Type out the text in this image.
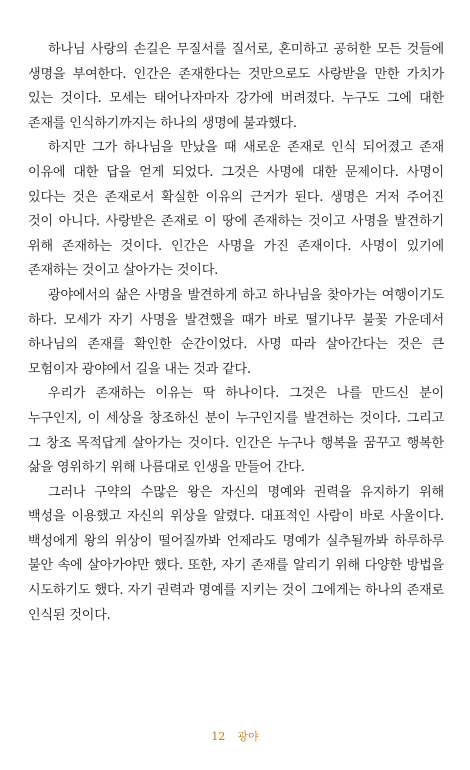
하나님 사랑의 손길은 무질서를 질서로, 혼미하고 공허한 모든 것들에 생명을 부여한다. 인간은 존재한다는 것만으로도 사랑받을 만한 가치가 있는 것이다. 모세는 태어나자마자 강가에 버려졌다. 누구도 그에 대한 존재를 인식하기까지는 하나의 생명에 불과했다.

하지만 그가 하나님을 만났을 때 새로운 존재로 인식 되어졌고 존재 이유에 대한 답을 얻게 되었다. 그것은 사명에 대한 문제이다. 사명이 있다는 것은 존재로서 확실한 이유의 근거가 된다. 생명은 거저 주어진 것이 아니다. 사랑받은 존재로 이 땅에 존재하는 것이고 사명을 발견하기 위해 존재하는 것이다. 인간은 사명을 가진 존재이다. 사명이 있기에 존재하는 것이고 살아가는 것이다.

광야에서의 삶은 사명을 발견하게 하고 하나님을 찾아가는 여행이기도 하다. 모세가 자기 사명을 발견했을 때가 바로 떨기나무 불꽃 가운데서 하나님의 존재를 확인한 순간이었다. 사명 따라 살아간다는 것은 큰 모험이자 광야에서 길을 내는 것과 같다.

우리가 존재하는 이유는 딱 하나이다. 그것은 나를 만드신 분이 누구인지, 이 세상을 창조하신 분이 누구인지를 발견하는 것이다. 그리고 그 창조 목적답게 살아가는 것이다. 인간은 누구나 행복을 꿈꾸고 행복한 삶을 영위하기 위해 나름대로 인생을 만들어 간다.

그러나 구약의 수많은 왕은 자신의 명예와 권력을 유지하기 위해 백성을 이용했고 자신의 위상을 알렸다. 대표적인 사람이 바로 사울이다. 백성에게 왕의 위상이 떨어질까봐 언제라도 명예가 실추될까봐 하루하루 불안 속에 살아가야만 했다. 또한, 자기 존재를 알리기 위해 다양한 방법을 시도하기도 했다. 자기 권력과 명예를 지키는 것이 그에게는 하나의 존재로 인식된 것이다.

12 광야
